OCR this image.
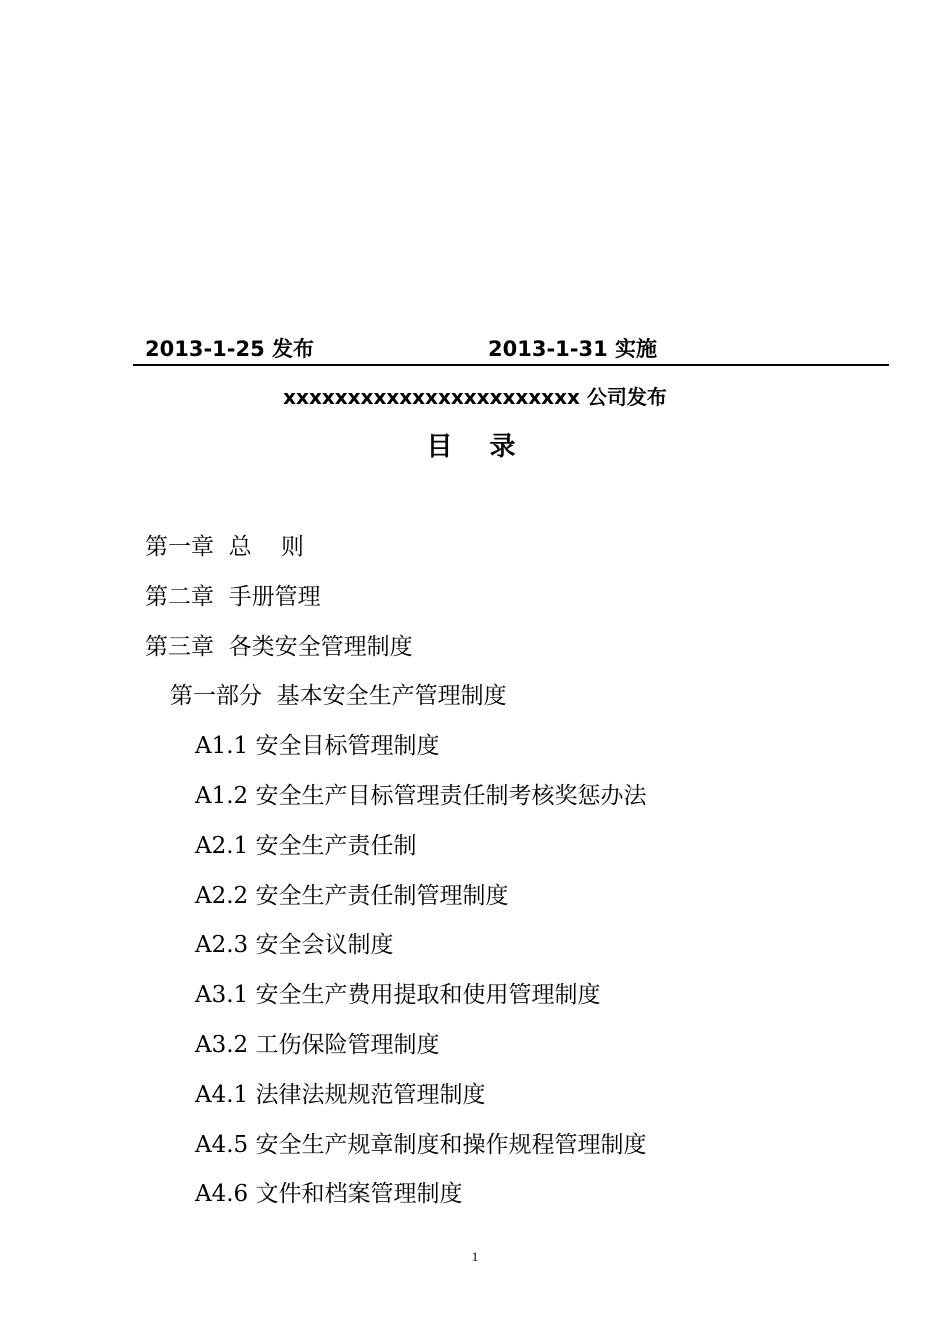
2013-1-25 发布	2013-1-31 实施
xxxxxxxxxxxxxxxxxxxxxxx 公司发布
目 录
第一章  总    则
第二章  手册管理
第三章  各类安全管理制度
第一部分  基本安全生产管理制度
A1.1 安全目标管理制度
A1.2 安全生产目标管理责任制考核奖惩办法
A2.1 安全生产责任制
A2.2 安全生产责任制管理制度
A2.3 安全会议制度
A3.1 安全生产费用提取和使用管理制度
A3.2 工伤保险管理制度
A4.1 法律法规规范管理制度
A4.5 安全生产规章制度和操作规程管理制度
A4.6 文件和档案管理制度
1
